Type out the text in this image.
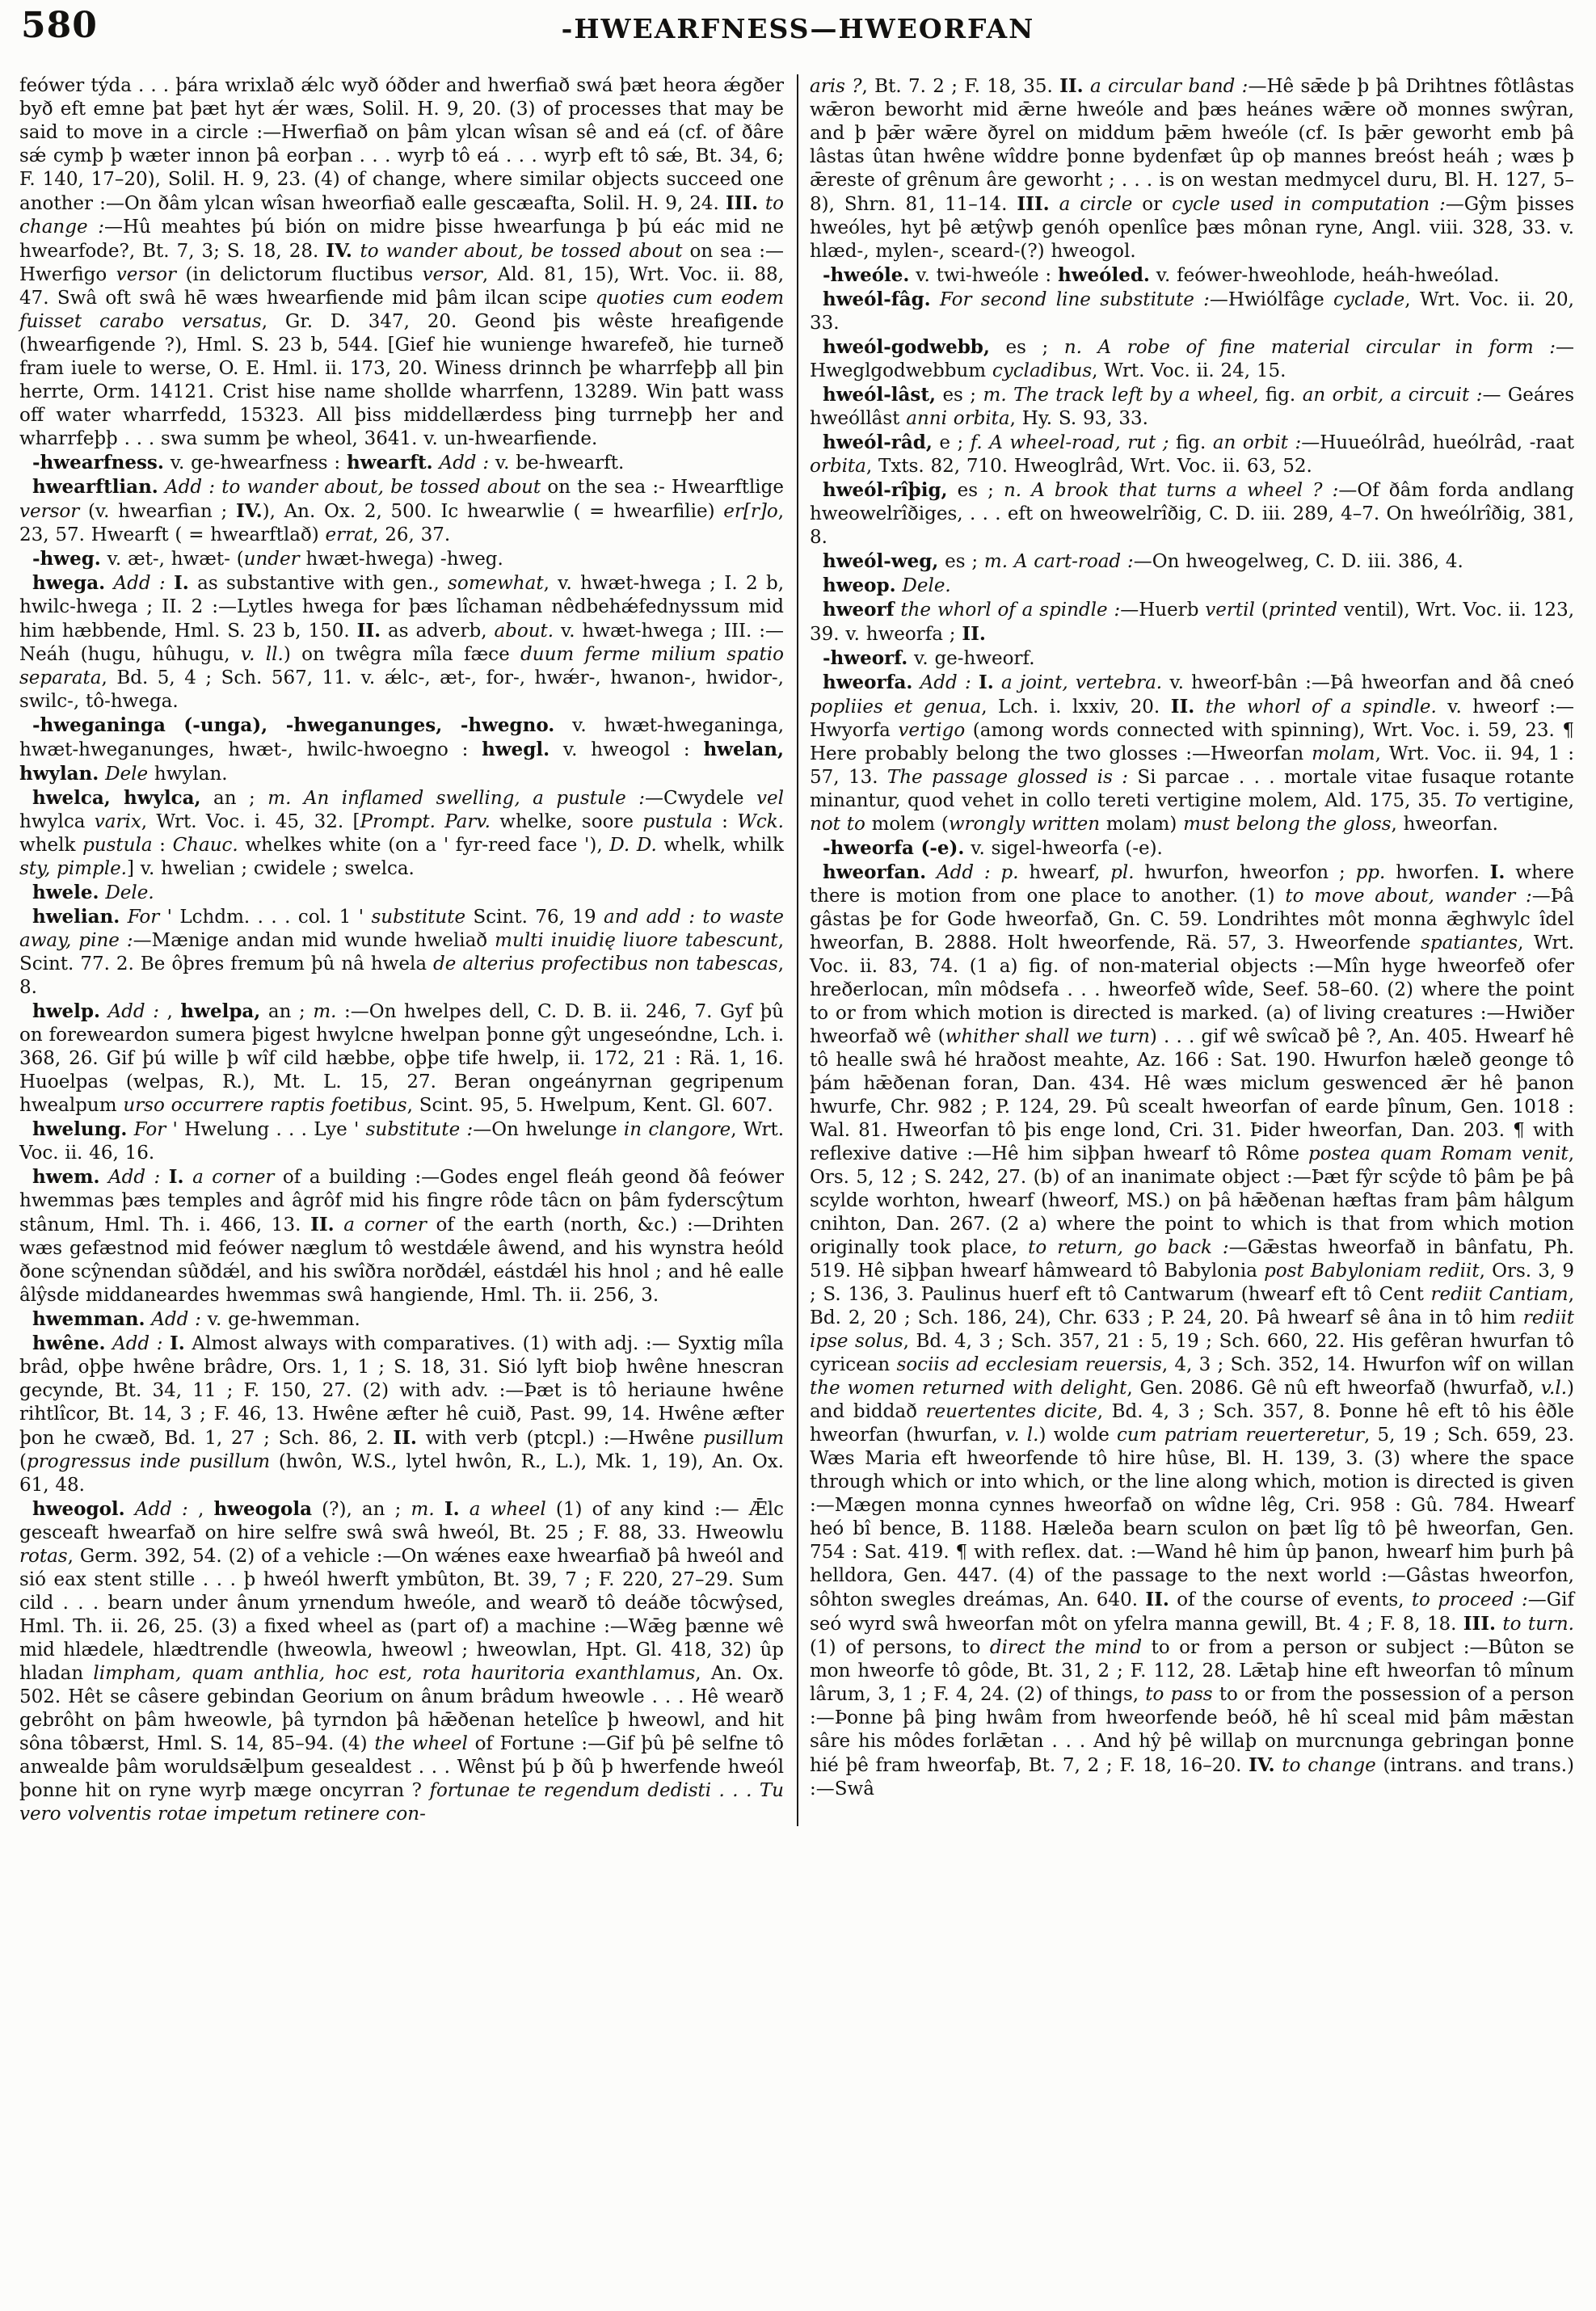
580	-HWEARFNESS—HWEORFAN

feówer týda . . . þára wrixlað ǽlc wyð óðder and hwerfiað swá þæt heora ǽgðer byð eft emne þat þæt hyt ǽr wæs, Solil. H. 9, 20. (3) of processes that may be said to move in a circle :—Hwerfiað on þâm ylcan wîsan sê and eá (cf. of ðâre sǽ cymþ þ wæter innon þâ eorþan . . . wyrþ tô eá . . . wyrþ eft tô sǽ, Bt. 34, 6; F. 140, 17–20), Solil. H. 9, 23. (4) of change, where similar objects succeed one another :—On ðâm ylcan wîsan hweorfiað ealle gescæafta, Solil. H. 9, 24. III. to change :—Hû meahtes þú bión on midre þisse hwearfunga þ þú eác mid ne hwearfode?, Bt. 7, 3; S. 18, 28. IV. to wander about, be tossed about on sea :—Hwerfigo versor (in delictorum fluctibus versor, Ald. 81, 15), Wrt. Voc. ii. 88, 47. Swâ oft swâ hē wæs hwearfiende mid þâm ilcan scipe quoties cum eodem fuisset carabo versatus, Gr. D. 347, 20. Geond þis wêste hreafigende (hwearfigende ?), Hml. S. 23 b, 544. [Gief hie wunienge hwarefeð, hie turneð fram iuele to werse, O. E. Hml. ii. 173, 20. Winess drinnch þe wharrfeþþ all þin herrte, Orm. 14121. Crist hise name shollde wharrfenn, 13289. Win þatt wass off water wharrfedd, 15323. All þiss middellærdess þing turrneþþ her and wharrfeþþ . . . swa summ þe wheol, 3641. v. un-hwearfiende.

-hwearfness. v. ge-hwearfness : hwearft. Add : v. be-hwearft.

hwearftlian. Add : to wander about, be tossed about on the sea :- Hwearftlige versor (v. hwearfian ; IV.), An. Ox. 2, 500. Ic hwearwlie ( = hwearfilie) er[r]o, 23, 57. Hwearft ( = hwearftlað) errat, 26, 37.

-hweg. v. æt-, hwæt- (under hwæt-hwega) -hweg.

hwega. Add : I. as substantive with gen., somewhat, v. hwæt-hwega ; I. 2 b, hwilc-hwega ; II. 2 :—Lytles hwega for þæs lîchaman nêdbehǽfednyssum mid him hæbbende, Hml. S. 23 b, 150. II. as adverb, about. v. hwæt-hwega ; III. :—Neáh (hugu, hûhugu, v. ll.) on twêgra mîla fæce duum ferme milium spatio separata, Bd. 5, 4 ; Sch. 567, 11. v. ǽlc-, æt-, for-, hwǽr-, hwanon-, hwidor-, swilc-, tô-hwega.

-hweganinga (-unga), -hweganunges, -hwegno. v. hwæt-hweganinga, hwæt-hweganunges, hwæt-, hwilc-hwoegno : hwegl. v. hweogol : hwelan, hwylan. Dele hwylan.

hwelca, hwylca, an ; m. An inflamed swelling, a pustule :—Cwydele vel hwylca varix, Wrt. Voc. i. 45, 32. [Prompt. Parv. whelke, soore pustula : Wck. whelk pustula : Chauc. whelkes white (on a ' fyr-reed face '), D. D. whelk, whilk sty, pimple.] v. hwelian ; cwidele ; swelca.

hwele. Dele.

hwelian. For ' Lchdm. . . . col. 1 ' substitute Scint. 76, 19 and add : to waste away, pine :—Mænige andan mid wunde hweliað multi inuidię liuore tabescunt, Scint. 77. 2. Be ôþres fremum þû nâ hwela de alterius profectibus non tabescas, 8.

hwelp. Add : , hwelpa, an ; m. :—On hwelpes dell, C. D. B. ii. 246, 7. Gyf þû on foreweardon sumera þigest hwylcne hwelpan þonne gŷt ungeseóndne, Lch. i. 368, 26. Gif þú wille þ wîf cild hæbbe, oþþe tife hwelp, ii. 172, 21 : Rä. 1, 16. Huoelpas (welpas, R.), Mt. L. 15, 27. Beran ongeányrnan gegripenum hwealpum urso occurrere raptis foetibus, Scint. 95, 5. Hwelpum, Kent. Gl. 607.

hwelung. For ' Hwelung . . . Lye ' substitute :—On hwelunge in clangore, Wrt. Voc. ii. 46, 16.

hwem. Add : I. a corner of a building :—Godes engel fleáh geond ðâ feówer hwemmas þæs temples and âgrôf mid his fingre rôde tâcn on þâm fyderscŷtum stânum, Hml. Th. i. 466, 13. II. a corner of the earth (north, &c.) :—Drihten wæs gefæstnod mid feówer næglum tô westdǽle âwend, and his wynstra heóld ðone scŷnendan sûðdǽl, and his swîðra norðdǽl, eástdǽl his hnol ; and hê ealle âlŷsde middaneardes hwemmas swâ hangiende, Hml. Th. ii. 256, 3.

hwemman. Add : v. ge-hwemman.

hwêne. Add : I. Almost always with comparatives. (1) with adj. :— Syxtig mîla brâd, oþþe hwêne brâdre, Ors. 1, 1 ; S. 18, 31. Sió lyft bioþ hwêne hnescran gecynde, Bt. 34, 11 ; F. 150, 27. (2) with adv. :—Þæt is tô heriaune hwêne rihtlîcor, Bt. 14, 3 ; F. 46, 13. Hwêne æfter hê cuið, Past. 99, 14. Hwêne æfter þon he cwæð, Bd. 1, 27 ; Sch. 86, 2. II. with verb (ptcpl.) :—Hwêne pusillum (progressus inde pusillum (hwôn, W.S., lytel hwôn, R., L.), Mk. 1, 19), An. Ox. 61, 48.

hweogol. Add : , hweogola (?), an ; m. I. a wheel (1) of any kind :— Ǣlc gesceaft hwearfað on hire selfre swâ swâ hweól, Bt. 25 ; F. 88, 33. Hweowlu rotas, Germ. 392, 54. (2) of a vehicle :—On wǽnes eaxe hwearfiað þâ hweól and sió eax stent stille . . . þ hweól hwerft ymbûton, Bt. 39, 7 ; F. 220, 27–29. Sum cild . . . bearn under ânum yrnendum hweóle, and wearð tô deáðe tôcwŷsed, Hml. Th. ii. 26, 25. (3) a fixed wheel as (part of) a machine :—Wǣg þænne wê mid hlædele, hlædtrendle (hweowla, hweowl ; hweowlan, Hpt. Gl. 418, 32) ûp hladan limpham, quam anthlia, hoc est, rota hauritoria exanthlamus, An. Ox. 502. Hêt se câsere gebindan Georium on ânum brâdum hweowle . . . Hê wearð gebrôht on þâm hweowle, þâ tyrndon þâ hǣðenan hetelîce þ hweowl, and hit sôna tôbærst, Hml. S. 14, 85–94. (4) the wheel of Fortune :—Gif þû þê selfne tô anwealde þâm woruldsǣlþum gesealdest . . . Wênst þú þ ðû þ hwerfende hweól þonne hit on ryne wyrþ mæge oncyrran ? fortunae te regendum dedisti . . . Tu vero volventis rotae impetum retinere con-

aris ?, Bt. 7. 2 ; F. 18, 35. II. a circular band :—Hê sǣde þ þâ Drihtnes fôtlâstas wǣron beworht mid ǣrne hweóle and þæs heánes wǣre oð monnes swŷran, and þ þǣr wǣre ðyrel on middum þǣm hweóle (cf. Is þǣr geworht emb þâ lâstas ûtan hwêne wîddre þonne bydenfæt ûp oþ mannes breóst heáh ; wæs þ ǣreste of grênum âre geworht ; . . . is on westan medmycel duru, Bl. H. 127, 5–8), Shrn. 81, 11–14. III. a circle or cycle used in computation :—Gŷm þisses hweóles, hyt þê ætŷwþ genóh openlîce þæs mônan ryne, Angl. viii. 328, 33. v. hlæd-, mylen-, sceard-(?) hweogol.

-hweóle. v. twi-hweóle : hweóled. v. feówer-hweohlode, heáh-hweólad.

hweól-fâg. For second line substitute :—Hwiólfâge cyclade, Wrt. Voc. ii. 20, 33.

hweól-godwebb, es ; n. A robe of fine material circular in form :— Hweglgodwebbum cycladibus, Wrt. Voc. ii. 24, 15.

hweól-lâst, es ; m. The track left by a wheel, fig. an orbit, a circuit :— Geáres hweóllâst anni orbita, Hy. S. 93, 33.

hweól-râd, e ; f. A wheel-road, rut ; fig. an orbit :—Huueólrâd, hueólrâd, -raat orbita, Txts. 82, 710. Hweoglrâd, Wrt. Voc. ii. 63, 52.

hweól-rîþig, es ; n. A brook that turns a wheel ? :—Of ðâm forda andlang hweowelrîðiges, . . . eft on hweowelrîðig, C. D. iii. 289, 4–7. On hweólrîðig, 381, 8.

hweól-weg, es ; m. A cart-road :—On hweogelweg, C. D. iii. 386, 4.

hweop. Dele.

hweorf the whorl of a spindle :—Huerb vertil (printed ventil), Wrt. Voc. ii. 123, 39. v. hweorfa ; II.

-hweorf. v. ge-hweorf.

hweorfa. Add : I. a joint, vertebra. v. hweorf-bân :—Þâ hweorfan and ðâ cneó popliies et genua, Lch. i. lxxiv, 20. II. the whorl of a spindle. v. hweorf :—Hwyorfa vertigo (among words connected with spinning), Wrt. Voc. i. 59, 23. ¶ Here probably belong the two glosses :—Hweorfan molam, Wrt. Voc. ii. 94, 1 : 57, 13. The passage glossed is : Si parcae . . . mortale vitae fusaque rotante minantur, quod vehet in collo tereti vertigine molem, Ald. 175, 35. To vertigine, not to molem (wrongly written molam) must belong the gloss, hweorfan.

-hweorfa (-e). v. sigel-hweorfa (-e).

hweorfan. Add : p. hwearf, pl. hwurfon, hweorfon ; pp. hworfen. I. where there is motion from one place to another. (1) to move about, wander :—Þâ gâstas þe for Gode hweorfað, Gn. C. 59. Londrihtes môt monna ǣghwylc îdel hweorfan, B. 2888. Holt hweorfende, Rä. 57, 3. Hweorfende spatiantes, Wrt. Voc. ii. 83, 74. (1 a) fig. of non-material objects :—Mîn hyge hweorfeð ofer hreðerlocan, mîn môdsefa . . . hweorfeð wîde, Seef. 58–60. (2) where the point to or from which motion is directed is marked. (a) of living creatures :—Hwiðer hweorfað wê (whither shall we turn) . . . gif wê swîcað þê ?, An. 405. Hwearf hê tô healle swâ hé hraðost meahte, Az. 166 : Sat. 190. Hwurfon hæleð geonge tô þám hǣðenan foran, Dan. 434. Hê wæs miclum geswenced ǣr hê þanon hwurfe, Chr. 982 ; P. 124, 29. Þû scealt hweorfan of earde þînum, Gen. 1018 : Wal. 81. Hweorfan tô þis enge lond, Cri. 31. Þider hweorfan, Dan. 203. ¶ with reflexive dative :—Hê him siþþan hwearf tô Rôme postea quam Romam venit, Ors. 5, 12 ; S. 242, 27. (b) of an inanimate object :—Þæt fŷr scŷde tô þâm þe þâ scylde worhton, hwearf (hweorf, MS.) on þâ hǣðenan hæftas fram þâm hâlgum cnihton, Dan. 267. (2 a) where the point to which is that from which motion originally took place, to return, go back :—Gǣstas hweorfað in bânfatu, Ph. 519. Hê siþþan hwearf hâmweard tô Babylonia post Babyloniam rediit, Ors. 3, 9 ; S. 136, 3. Paulinus huerf eft tô Cantwarum (hwearf eft tô Cent rediit Cantiam, Bd. 2, 20 ; Sch. 186, 24), Chr. 633 ; P. 24, 20. Þâ hwearf sê âna in tô him rediit ipse solus, Bd. 4, 3 ; Sch. 357, 21 : 5, 19 ; Sch. 660, 22. His gefêran hwurfan tô cyricean sociis ad ecclesiam reuersis, 4, 3 ; Sch. 352, 14. Hwurfon wîf on willan the women returned with delight, Gen. 2086. Gê nû eft hweorfað (hwurfað, v.l.) and biddað reuertentes dicite, Bd. 4, 3 ; Sch. 357, 8. Þonne hê eft tô his êðle hweorfan (hwurfan, v. l.) wolde cum patriam reuerteretur, 5, 19 ; Sch. 659, 23. Wæs Maria eft hweorfende tô hire hûse, Bl. H. 139, 3. (3) where the space through which or into which, or the line along which, motion is directed is given :—Mægen monna cynnes hweorfað on wîdne lêg, Cri. 958 : Gû. 784. Hwearf heó bî bence, B. 1188. Hæleða bearn sculon on þæt lîg tô þê hweorfan, Gen. 754 : Sat. 419. ¶ with reflex. dat. :—Wand hê him ûp þanon, hwearf him þurh þâ helldora, Gen. 447. (4) of the passage to the next world :—Gâstas hweorfon, sôhton swegles dreámas, An. 640. II. of the course of events, to proceed :—Gif seó wyrd swâ hweorfan môt on yfelra manna gewill, Bt. 4 ; F. 8, 18. III. to turn. (1) of persons, to direct the mind to or from a person or subject :—Bûton se mon hweorfe tô gôde, Bt. 31, 2 ; F. 112, 28. Lǣtaþ hine eft hweorfan tô mînum lârum, 3, 1 ; F. 4, 24. (2) of things, to pass to or from the possession of a person :—Þonne þâ þing hwâm from hweorfende beóð, hê hî sceal mid þâm mǣstan sâre his môdes forlǣtan . . . And hŷ þê willaþ on murcnunga gebringan þonne hié þê fram hweorfaþ, Bt. 7, 2 ; F. 18, 16–20. IV. to change (intrans. and trans.) :—Swâ
